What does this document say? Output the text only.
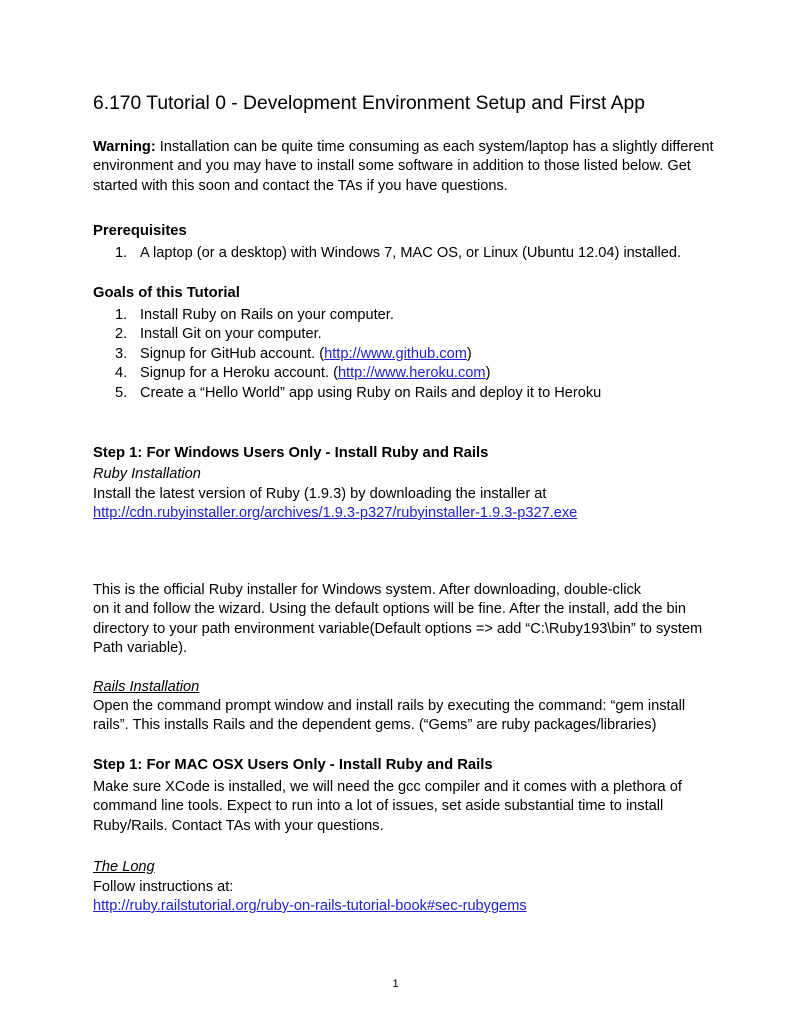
6.170 Tutorial 0 - Development Environment Setup and First App
Warning: Installation can be quite time consuming as each system/laptop has a slightly different environment and you may have to install some software in addition to those listed below. Get started with this soon and contact the TAs if you have questions.
Prerequisites
1. A laptop (or a desktop) with Windows 7, MAC OS, or Linux (Ubuntu 12.04) installed.
Goals of this Tutorial
1. Install Ruby on Rails on your computer.
2. Install Git on your computer.
3. Signup for GitHub account. (http://www.github.com)
4. Signup for a Heroku account. (http://www.heroku.com)
5. Create a “Hello World” app using Ruby on Rails and deploy it to Heroku
Step 1: For Windows Users Only - Install Ruby and Rails
Ruby Installation
Install the latest version of Ruby (1.9.3) by downloading the installer at
http://cdn.rubyinstaller.org/archives/1.9.3-p327/rubyinstaller-1.9.3-p327.exe

This is the official Ruby installer for Windows system. After downloading, double-click

on it and follow the wizard. Using the default options will be fine. After the install, add the bin

directory to your path environment variable(Default options => add “C:\Ruby193\bin” to system

Path variable).

Rails Installation

Open the command prompt window and install rails by executing the command: “gem install

rails”. This installs Rails and the dependent gems. (“Gems” are ruby packages/libraries)

Step 1: For MAC OSX Users Only - Install Ruby and Rails

Make sure XCode is installed, we will need the gcc compiler and it comes with a plethora of

command line tools. Expect to run into a lot of issues, set aside substantial time to install

Ruby/Rails. Contact TAs with your questions.

The Long
Follow instructions at:
http://ruby.railstutorial.org/ruby-on-rails-tutorial-book#sec-rubygems
1
